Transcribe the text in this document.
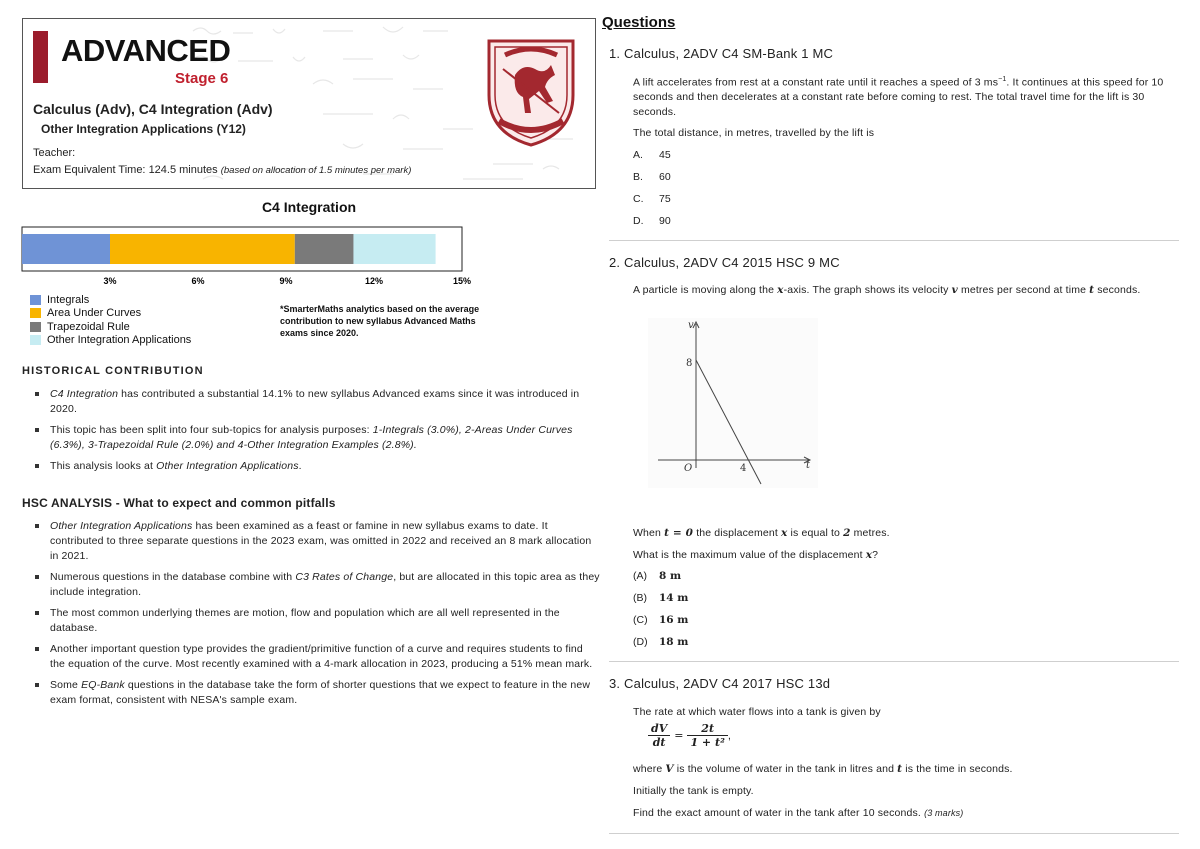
ADVANCED
Stage 6
Calculus (Adv), C4 Integration (Adv)
Other Integration Applications (Y12)
Teacher:
Exam Equivalent Time: 124.5 minutes (based on allocation of 1.5 minutes per mark)
C4 Integration
3%	6%	9%	12%	15%
Integrals
Area Under Curves
Trapezoidal Rule
Other Integration Applications
*SmarterMaths analytics based on the average contribution to new syllabus Advanced Maths exams since 2020.
HISTORICAL CONTRIBUTION
C4 Integration has contributed a substantial 14.1% to new syllabus Advanced exams since it was introduced in 2020.
This topic has been split into four sub-topics for analysis purposes: 1-Integrals (3.0%), 2-Areas Under Curves (6.3%), 3-Trapezoidal Rule (2.0%) and 4-Other Integration Examples (2.8%).
This analysis looks at Other Integration Applications.
HSC ANALYSIS - What to expect and common pitfalls
Other Integration Applications has been examined as a feast or famine in new syllabus exams to date. It contributed to three separate questions in the 2023 exam, was omitted in 2022 and received an 8 mark allocation in 2021.
Numerous questions in the database combine with C3 Rates of Change, but are allocated in this topic area as they include integration.
The most common underlying themes are motion, flow and population which are all well represented in the database.
Another important question type provides the gradient/primitive function of a curve and requires students to find the equation of the curve. Most recently examined with a 4-mark allocation in 2023, producing a 51% mean mark.
Some EQ-Bank questions in the database take the form of shorter questions that we expect to feature in the new exam format, consistent with NESA's sample exam.
Questions
1. Calculus, 2ADV C4 SM-Bank 1 MC
A lift accelerates from rest at a constant rate until it reaches a speed of 3 $ms^{-1}$. It continues at this speed for 10 seconds and then decelerates at a constant rate before coming to rest. The total travel time for the lift is 30 seconds.
The total distance, in metres, travelled by the lift is
A. 45
B. 60
C. 75
D. 90
2. Calculus, 2ADV C4 2015 HSC 9 MC
A particle is moving along the x-axis. The graph shows its velocity v metres per second at time t seconds.
v
t
O
8
4
When t = 0 the displacement x is equal to 2 metres.
What is the maximum value of the displacement x?
(A) 8 m
(B) 14 m
(C) 16 m
(D) 18 m
3. Calculus, 2ADV C4 2017 HSC 13d
The rate at which water flows into a tank is given by
$\frac{dV}{dt} = \frac{2t}{\text{1 + t²}}$ ,
where V is the volume of water in the tank in litres and t is the time in seconds.
Initially the tank is empty.
Find the exact amount of water in the tank after 10 seconds. (3 marks)
